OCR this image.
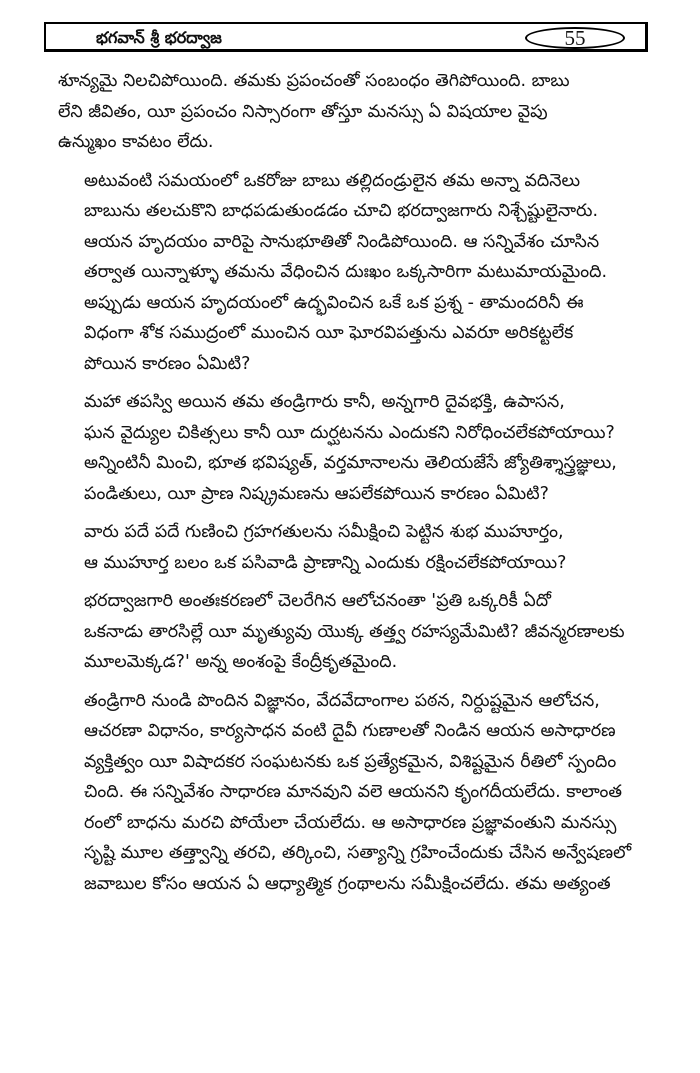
భగవాన్ శ్రీ భరద్వాజ	55

శూన్యమై నిలచిపోయింది. తమకు ప్రపంచంతో సంబంధం తెగిపోయింది. బాబు
లేని జీవితం, యీ ప్రపంచం నిస్సారంగా తోస్తూ మనస్సు ఏ విషయాల వైపు
ఉన్ముఖం కావటం లేదు.

అటువంటి సమయంలో ఒకరోజు బాబు తల్లిదండ్రులైన తమ అన్నా వదినెలు
బాబును తలచుకొని బాధపడుతుండడం చూచి భరద్వాజగారు నిశ్చేష్టులైనారు.
ఆయన హృదయం వారిపై సానుభూతితో నిండిపోయింది. ఆ సన్నివేశం చూసిన
తర్వాత యిన్నాళ్ళూ తమను వేధించిన దుఃఖం ఒక్కసారిగా మటుమాయమైంది.
అప్పుడు ఆయన హృదయంలో ఉద్భవించిన ఒకే ఒక ప్రశ్న - తామందరినీ ఈ
విధంగా శోక సముద్రంలో ముంచిన యీ ఘోరవిపత్తును ఎవరూ అరికట్టలేక
పోయిన కారణం ఏమిటి?

మహా తపస్వి అయిన తమ తండ్రిగారు కానీ, అన్నగారి దైవభక్తి, ఉపాసన,
ఘన వైద్యుల చికిత్సలు కానీ యీ దుర్ఘటనను ఎందుకని నిరోధించలేకపోయాయి?
అన్నింటినీ మించి, భూత భవిష్యత్, వర్తమానాలను తెలియజేసే జ్యోతిశ్శాస్త్రజ్ఞులు,
పండితులు, యీ ప్రాణ నిష్క్రమణను ఆపలేకపోయిన కారణం ఏమిటి?

వారు పదే పదే గుణించి గ్రహగతులను సమీక్షించి పెట్టిన శుభ ముహూర్తం,
ఆ ముహూర్త బలం ఒక పసివాడి ప్రాణాన్ని ఎందుకు రక్షించలేకపోయాయి?

భరద్వాజగారి అంతఃకరణలో చెలరేగిన ఆలోచనంతా 'ప్రతి ఒక్కరికీ ఏదో
ఒకనాడు తారసిల్లే యీ మృత్యువు యొక్క తత్త్వ రహస్యమేమిటి? జీవన్మరణాలకు
మూలమెక్కడ?' అన్న అంశంపై కేంద్రీకృతమైంది.

తండ్రిగారి నుండి పొందిన విజ్ఞానం, వేదవేదాంగాల పఠన, నిర్దుష్టమైన ఆలోచన,
ఆచరణా విధానం, కార్యసాధన వంటి దైవీ గుణాలతో నిండిన ఆయన అసాధారణ
వ్యక్తిత్వం యీ విషాదకర సంఘటనకు ఒక ప్రత్యేకమైన, విశిష్టమైన రీతిలో స్పందిం
చింది. ఈ సన్నివేశం సాధారణ మానవుని వలె ఆయనని కృంగదీయలేదు. కాలాంత
రంలో బాధను మరచి పోయేలా చేయలేదు. ఆ అసాధారణ ప్రజ్ఞావంతుని మనస్సు
సృష్టి మూల తత్త్వాన్ని తరచి, తర్కించి, సత్యాన్ని గ్రహించేందుకు చేసిన అన్వేషణలో
జవాబుల కోసం ఆయన ఏ ఆధ్యాత్మిక గ్రంథాలను సమీక్షించలేదు. తమ అత్యంత
